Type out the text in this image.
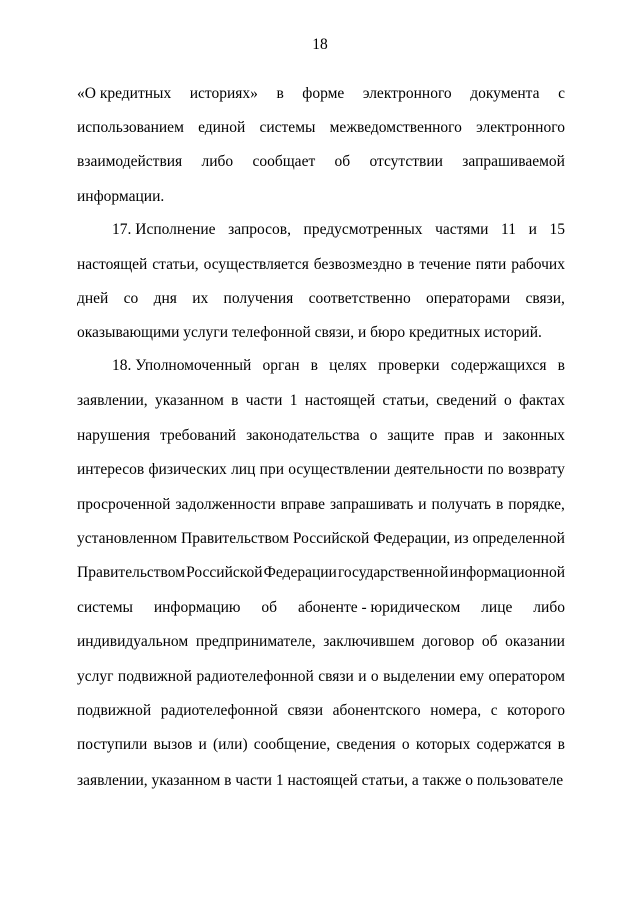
18
«О кредитных историях» в форме электронного документа с
использованием единой системы межведомственного электронного
взаимодействия либо сообщает об отсутствии запрашиваемой
информации.
17. Исполнение запросов, предусмотренных частями 11 и 15
настоящей статьи, осуществляется безвозмездно в течение пяти рабочих
дней со дня их получения соответственно операторами связи,
оказывающими услуги телефонной связи, и бюро кредитных историй.
18. Уполномоченный орган в целях проверки содержащихся в
заявлении, указанном в части 1 настоящей статьи, сведений о фактах
нарушения требований законодательства о защите прав и законных
интересов физических лиц при осуществлении деятельности по возврату
просроченной задолженности вправе запрашивать и получать в порядке,
установленном Правительством Российской Федерации, из определенной
Правительством Российской Федерации государственной информационной
системы информацию об абоненте - юридическом лице либо
индивидуальном предпринимателе, заключившем договор об оказании
услуг подвижной радиотелефонной связи и о выделении ему оператором
подвижной радиотелефонной связи абонентского номера, с которого
поступили вызов и (или) сообщение, сведения о которых содержатся в
заявлении, указанном в части 1 настоящей статьи, а также о пользователе
